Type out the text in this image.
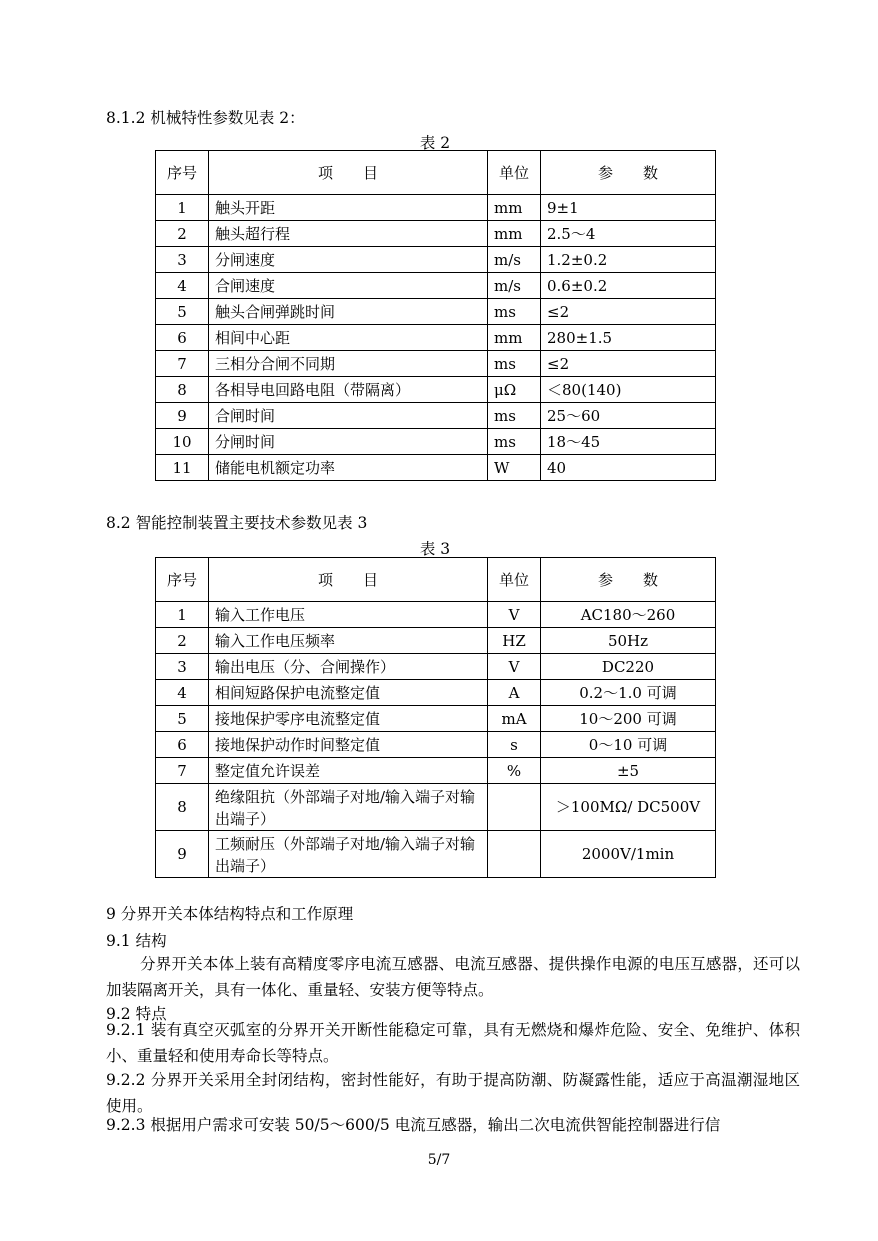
8.1.2 机械特性参数见表 2：
表 2
序号	项　　目	单位	参　　数
1	触头开距	mm	9±1
2	触头超行程	mm	2.5～4
3	分闸速度	m/s	1.2±0.2
4	合闸速度	m/s	0.6±0.2
5	触头合闸弹跳时间	ms	≤2
6	相间中心距	mm	280±1.5
7	三相分合闸不同期	ms	≤2
8	各相导电回路电阻（带隔离）	μΩ	＜80(140)
9	合闸时间	ms	25～60
10	分闸时间	ms	18～45
11	储能电机额定功率	W	40
8.2 智能控制装置主要技术参数见表 3
表 3
序号	项　　目	单位	参　　数
1	输入工作电压	V	AC180～260
2	输入工作电压频率	HZ	50Hz
3	输出电压（分、合闸操作）	V	DC220
4	相间短路保护电流整定值	A	0.2～1.0 可调
5	接地保护零序电流整定值	mA	10～200 可调
6	接地保护动作时间整定值	s	0～10 可调
7	整定值允许误差	%	±5
8	绝缘阻抗（外部端子对地/输入端子对输出端子）		＞100MΩ/ DC500V
9	工频耐压（外部端子对地/输入端子对输出端子）		2000V/1min
9 分界开关本体结构特点和工作原理
9.1 结构
分界开关本体上装有高精度零序电流互感器、电流互感器、提供操作电源的电压互感器，还可以加装隔离开关，具有一体化、重量轻、安装方便等特点。
9.2 特点
9.2.1 装有真空灭弧室的分界开关开断性能稳定可靠，具有无燃烧和爆炸危险、安全、免维护、体积小、重量轻和使用寿命长等特点。
9.2.2 分界开关采用全封闭结构，密封性能好，有助于提高防潮、防凝露性能，适应于高温潮湿地区使用。
9.2.3 根据用户需求可安装 50/5～600/5 电流互感器，输出二次电流供智能控制器进行信
5/7
